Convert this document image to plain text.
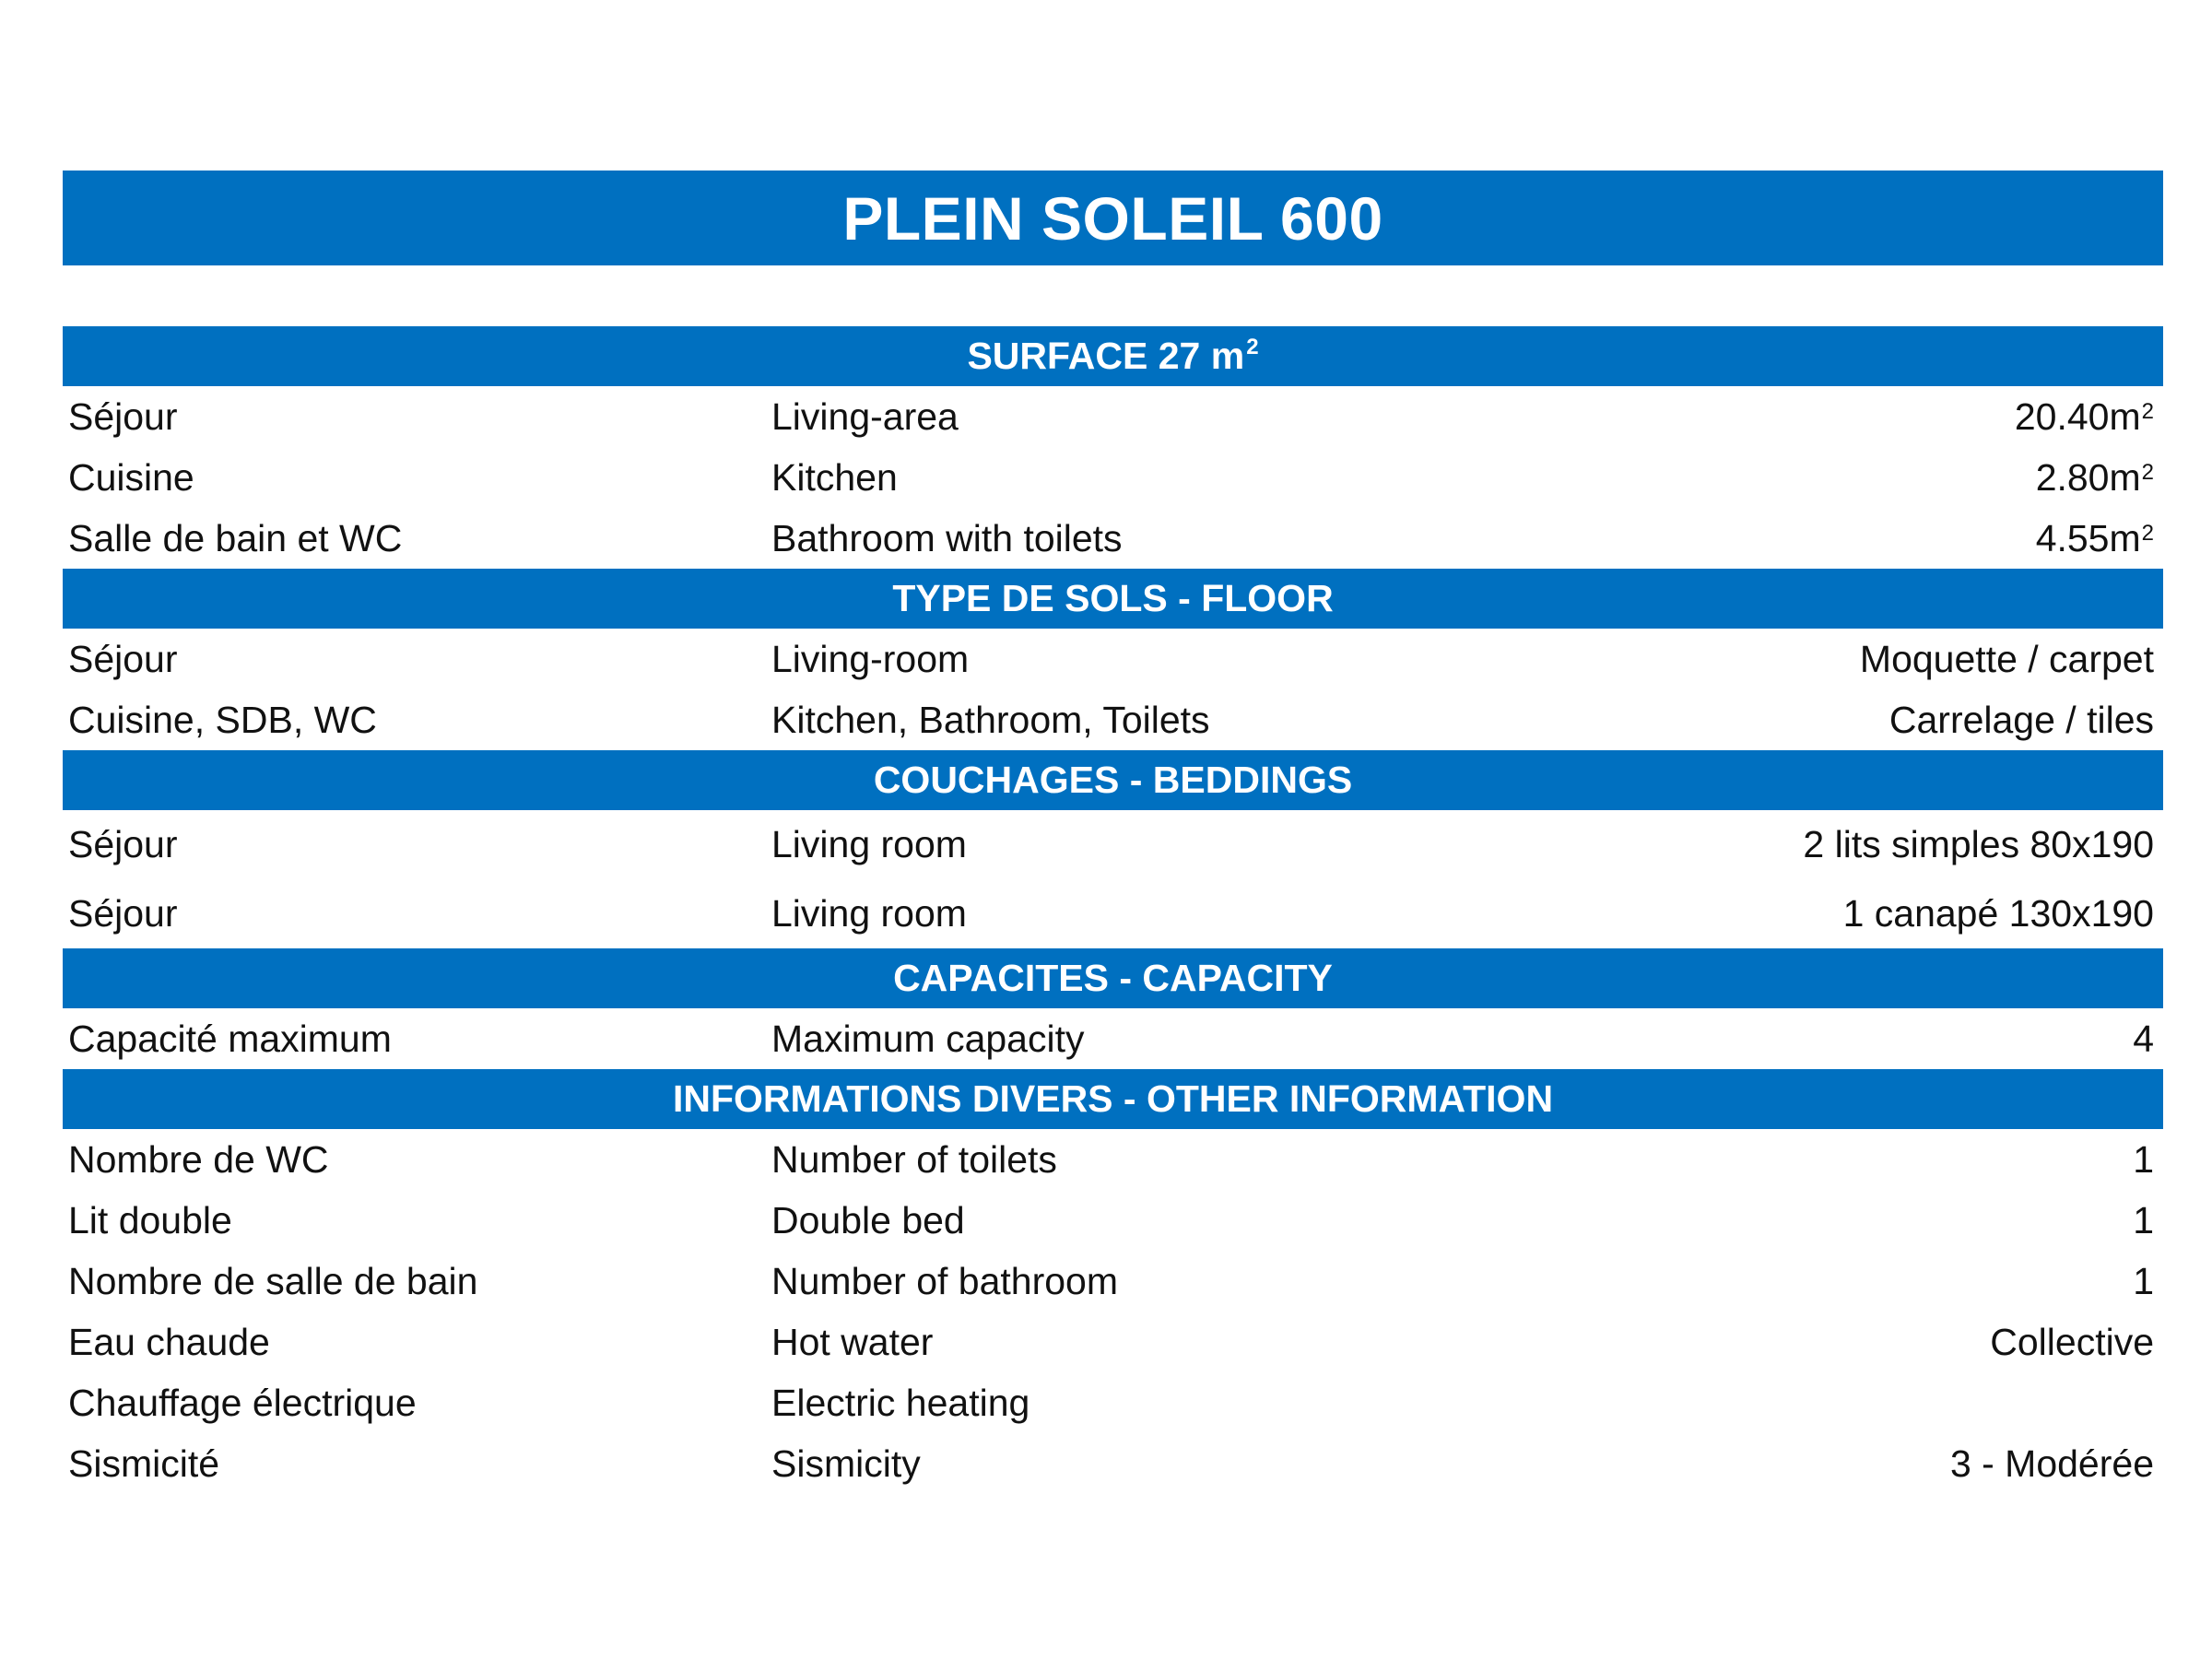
PLEIN SOLEIL 600
SURFACE 27 $m^2$
Séjour	Living-area	$20.40m^2$
Cuisine	Kitchen	$2.80m^2$
Salle de bain et WC	Bathroom with toilets	$4.55m^2$
TYPE DE SOLS - FLOOR
Séjour	Living-room	Moquette / carpet
Cuisine, SDB, WC	Kitchen, Bathroom, Toilets	Carrelage / tiles
COUCHAGES - BEDDINGS
Séjour	Living room	2 lits simples 80x190
Séjour	Living room	1 canapé 130x190
CAPACITES - CAPACITY
Capacité maximum	Maximum capacity	4
INFORMATIONS DIVERS - OTHER INFORMATION
Nombre de WC	Number of toilets	1
Lit double	Double bed	1
Nombre de salle de bain	Number of bathroom	1
Eau chaude	Hot water	Collective
Chauffage électrique	Electric heating
Sismicité	Sismicity	3 - Modérée
